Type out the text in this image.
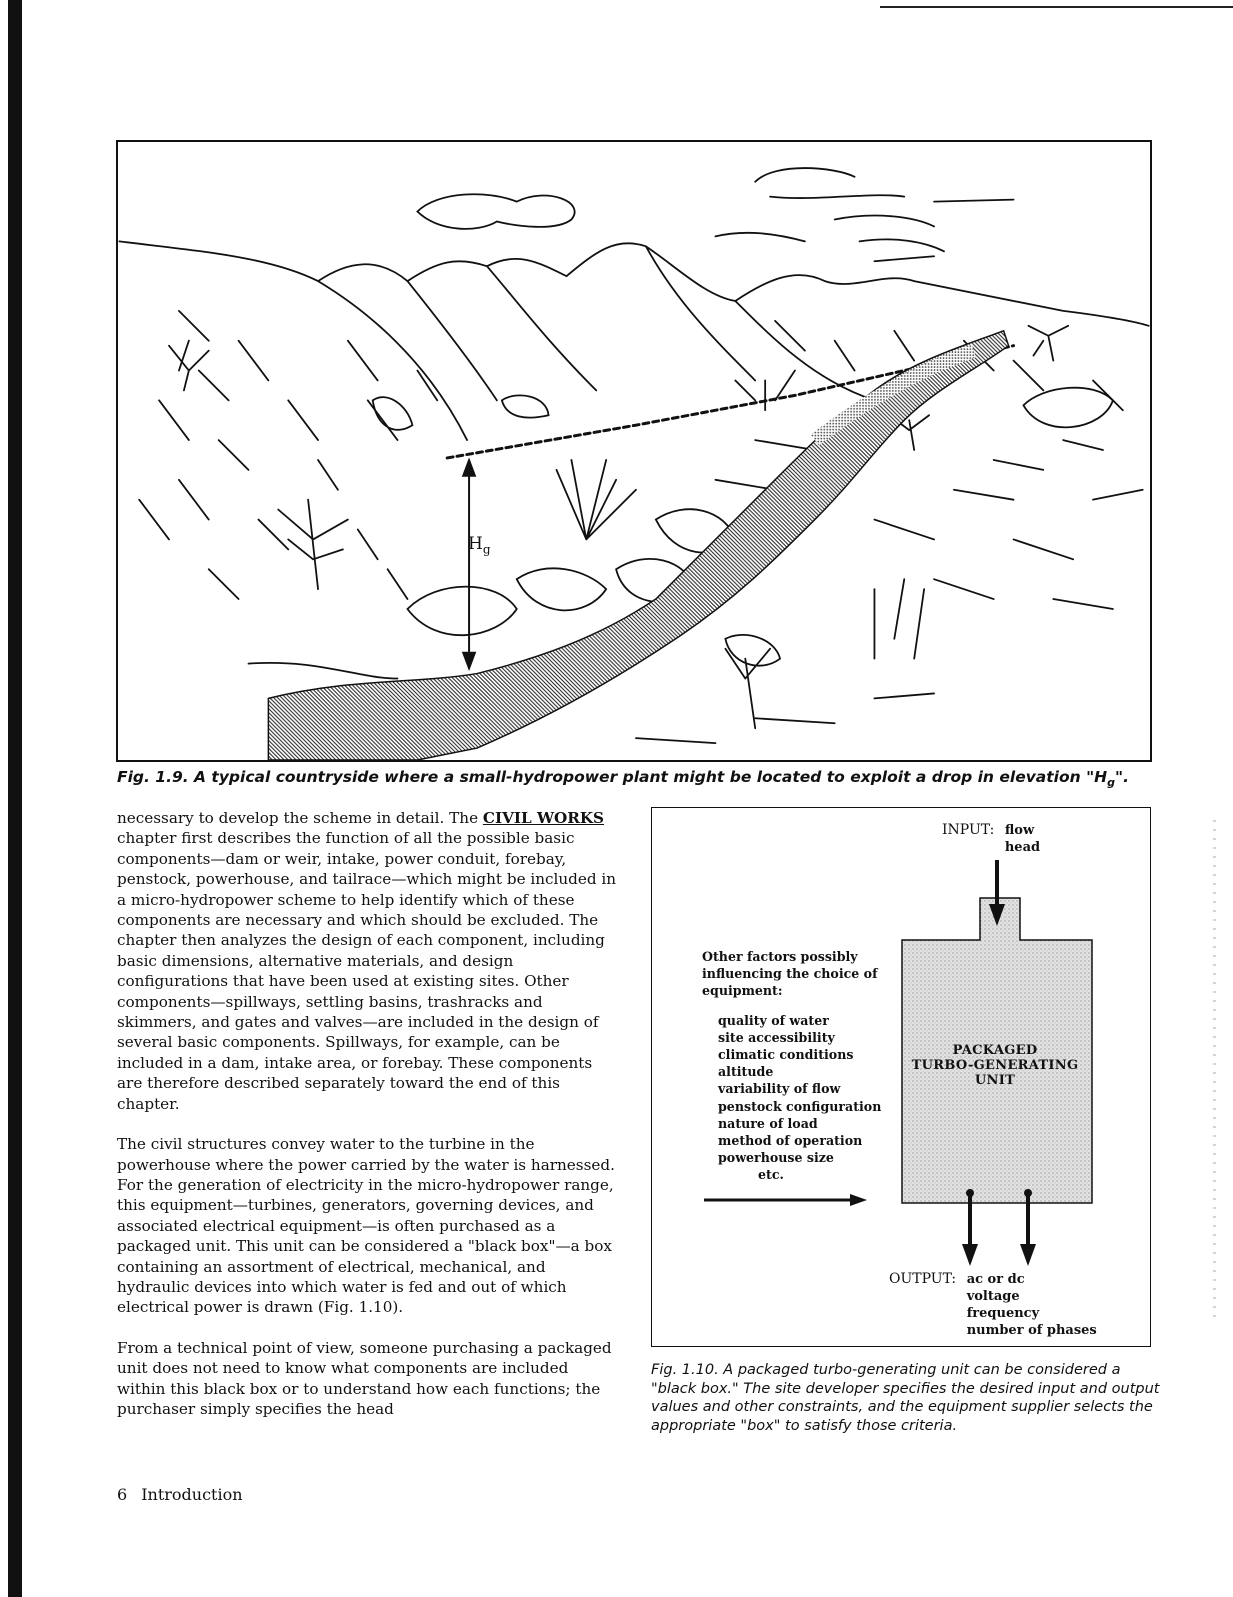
$H_g$
Fig. 1.9. A typical countryside where a small-hydropower plant might be located to exploit a drop in elevation "$H_g$".

necessary to develop the scheme in detail. The CIVIL WORKS chapter first describes the function of all the possible basic components—dam or weir, intake, power conduit, forebay, penstock, powerhouse, and tailrace—which might be included in a micro-hydropower scheme to help identify which of these components are necessary and which should be excluded. The chapter then analyzes the design of each component, including basic dimensions, alternative materials, and design configurations that have been used at existing sites. Other components—spillways, settling basins, trashracks and skimmers, and gates and valves—are included in the design of several basic components. Spillways, for example, can be included in a dam, intake area, or forebay. These components are therefore described separately toward the end of this chapter.

The civil structures convey water to the turbine in the powerhouse where the power carried by the water is harnessed. For the generation of electricity in the micro-hydropower range, this equipment—turbines, generators, governing devices, and associated electrical equipment—is often purchased as a packaged unit. This unit can be considered a "black box"—a box containing an assortment of electrical, mechanical, and hydraulic devices into which water is fed and out of which electrical power is drawn (Fig. 1.10).

From a technical point of view, someone purchasing a packaged unit does not need to know what components are included within this black box or to understand how each functions; the purchaser simply specifies the head

INPUT: flow
head
Other factors possibly influencing the choice of equipment:
quality of water
site accessibility
climatic conditions
altitude
variability of flow
penstock configuration
nature of load
method of operation
powerhouse size
etc.
PACKAGED
TURBO-GENERATING
UNIT
OUTPUT: ac or dc
voltage
frequency
number of phases
Fig. 1.10. A packaged turbo-generating unit can be considered a "black box." The site developer specifies the desired input and output values and other constraints, and the equipment supplier selects the appropriate "box" to satisfy those criteria.
6 Introduction
